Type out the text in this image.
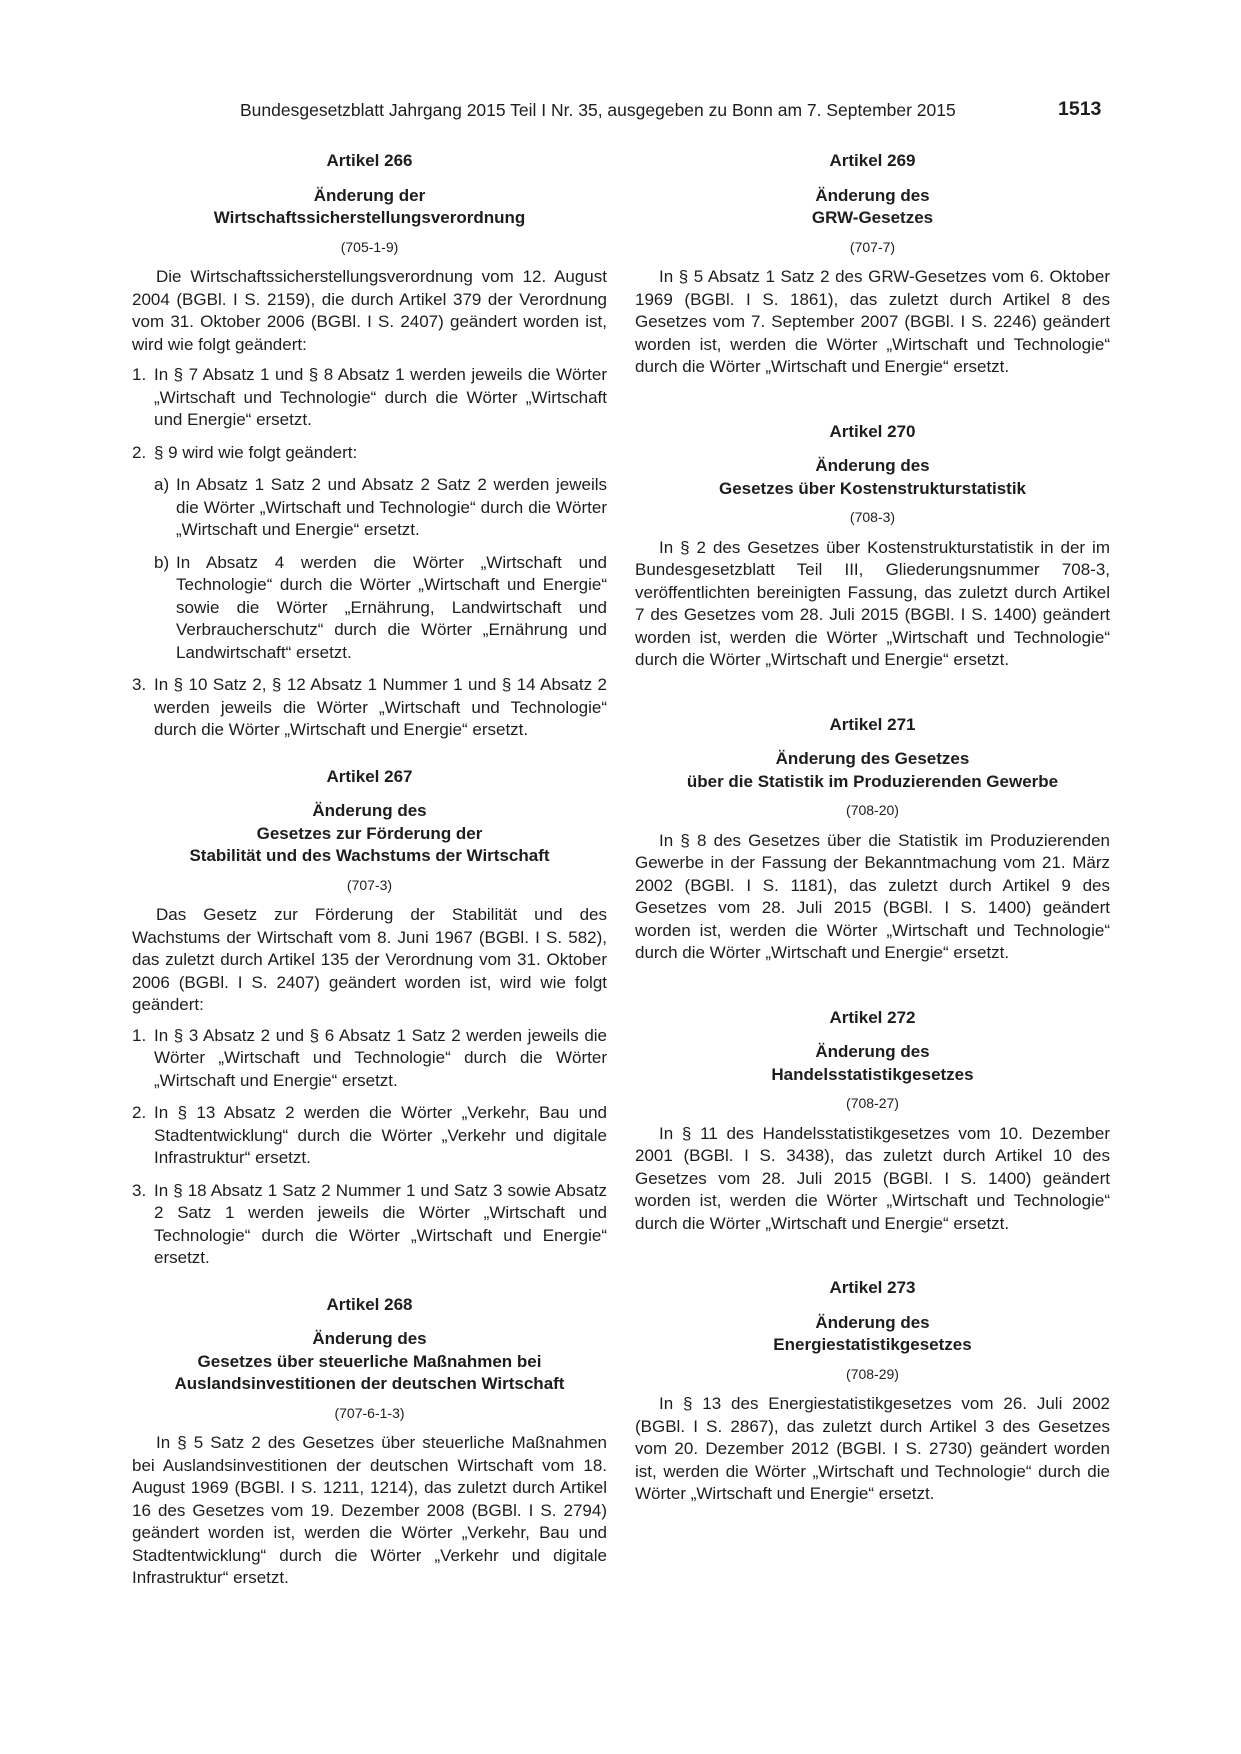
Bundesgesetzblatt Jahrgang 2015 Teil I Nr. 35, ausgegeben zu Bonn am 7. September 2015	1513
Artikel 266
Änderung der
Wirtschaftssicherstellungsverordnung
(705-1-9)

Die Wirtschaftssicherstellungsverordnung vom 12. August 2004 (BGBl. I S. 2159), die durch Artikel 379 der Verordnung vom 31. Oktober 2006 (BGBl. I S. 2407) geändert worden ist, wird wie folgt geändert:

1. In § 7 Absatz 1 und § 8 Absatz 1 werden jeweils die Wörter „Wirtschaft und Technologie“ durch die Wörter „Wirtschaft und Energie“ ersetzt.

2. § 9 wird wie folgt geändert:

a) In Absatz 1 Satz 2 und Absatz 2 Satz 2 werden jeweils die Wörter „Wirtschaft und Technologie“ durch die Wörter „Wirtschaft und Energie“ ersetzt.

b) In Absatz 4 werden die Wörter „Wirtschaft und Technologie“ durch die Wörter „Wirtschaft und Energie“ sowie die Wörter „Ernährung, Landwirtschaft und Verbraucherschutz“ durch die Wörter „Ernährung und Landwirtschaft“ ersetzt.

3. In § 10 Satz 2, § 12 Absatz 1 Nummer 1 und § 14 Absatz 2 werden jeweils die Wörter „Wirtschaft und Technologie“ durch die Wörter „Wirtschaft und Energie“ ersetzt.

Artikel 267
Änderung des
Gesetzes zur Förderung der
Stabilität und des Wachstums der Wirtschaft
(707-3)

Das Gesetz zur Förderung der Stabilität und des Wachstums der Wirtschaft vom 8. Juni 1967 (BGBl. I S. 582), das zuletzt durch Artikel 135 der Verordnung vom 31. Oktober 2006 (BGBl. I S. 2407) geändert worden ist, wird wie folgt geändert:

1. In § 3 Absatz 2 und § 6 Absatz 1 Satz 2 werden jeweils die Wörter „Wirtschaft und Technologie“ durch die Wörter „Wirtschaft und Energie“ ersetzt.

2. In § 13 Absatz 2 werden die Wörter „Verkehr, Bau und Stadtentwicklung“ durch die Wörter „Verkehr und digitale Infrastruktur“ ersetzt.

3. In § 18 Absatz 1 Satz 2 Nummer 1 und Satz 3 sowie Absatz 2 Satz 1 werden jeweils die Wörter „Wirtschaft und Technologie“ durch die Wörter „Wirtschaft und Energie“ ersetzt.

Artikel 268
Änderung des
Gesetzes über steuerliche Maßnahmen bei
Auslandsinvestitionen der deutschen Wirtschaft
(707-6-1-3)

In § 5 Satz 2 des Gesetzes über steuerliche Maßnahmen bei Auslandsinvestitionen der deutschen Wirtschaft vom 18. August 1969 (BGBl. I S. 1211, 1214), das zuletzt durch Artikel 16 des Gesetzes vom 19. Dezember 2008 (BGBl. I S. 2794) geändert worden ist, werden die Wörter „Verkehr, Bau und Stadtentwicklung“ durch die Wörter „Verkehr und digitale Infrastruktur“ ersetzt.

Artikel 269
Änderung des
GRW-Gesetzes
(707-7)

In § 5 Absatz 1 Satz 2 des GRW-Gesetzes vom 6. Oktober 1969 (BGBl. I S. 1861), das zuletzt durch Artikel 8 des Gesetzes vom 7. September 2007 (BGBl. I S. 2246) geändert worden ist, werden die Wörter „Wirtschaft und Technologie“ durch die Wörter „Wirtschaft und Energie“ ersetzt.

Artikel 270
Änderung des
Gesetzes über Kostenstrukturstatistik
(708-3)

In § 2 des Gesetzes über Kostenstrukturstatistik in der im Bundesgesetzblatt Teil III, Gliederungsnummer 708-3, veröffentlichten bereinigten Fassung, das zuletzt durch Artikel 7 des Gesetzes vom 28. Juli 2015 (BGBl. I S. 1400) geändert worden ist, werden die Wörter „Wirtschaft und Technologie“ durch die Wörter „Wirtschaft und Energie“ ersetzt.

Artikel 271
Änderung des Gesetzes
über die Statistik im Produzierenden Gewerbe
(708-20)

In § 8 des Gesetzes über die Statistik im Produzierenden Gewerbe in der Fassung der Bekanntmachung vom 21. März 2002 (BGBl. I S. 1181), das zuletzt durch Artikel 9 des Gesetzes vom 28. Juli 2015 (BGBl. I S. 1400) geändert worden ist, werden die Wörter „Wirtschaft und Technologie“ durch die Wörter „Wirtschaft und Energie“ ersetzt.

Artikel 272
Änderung des
Handelsstatistikgesetzes
(708-27)

In § 11 des Handelsstatistikgesetzes vom 10. Dezember 2001 (BGBl. I S. 3438), das zuletzt durch Artikel 10 des Gesetzes vom 28. Juli 2015 (BGBl. I S. 1400) geändert worden ist, werden die Wörter „Wirtschaft und Technologie“ durch die Wörter „Wirtschaft und Energie“ ersetzt.

Artikel 273
Änderung des
Energiestatistikgesetzes
(708-29)

In § 13 des Energiestatistikgesetzes vom 26. Juli 2002 (BGBl. I S. 2867), das zuletzt durch Artikel 3 des Gesetzes vom 20. Dezember 2012 (BGBl. I S. 2730) geändert worden ist, werden die Wörter „Wirtschaft und Technologie“ durch die Wörter „Wirtschaft und Energie“ ersetzt.
